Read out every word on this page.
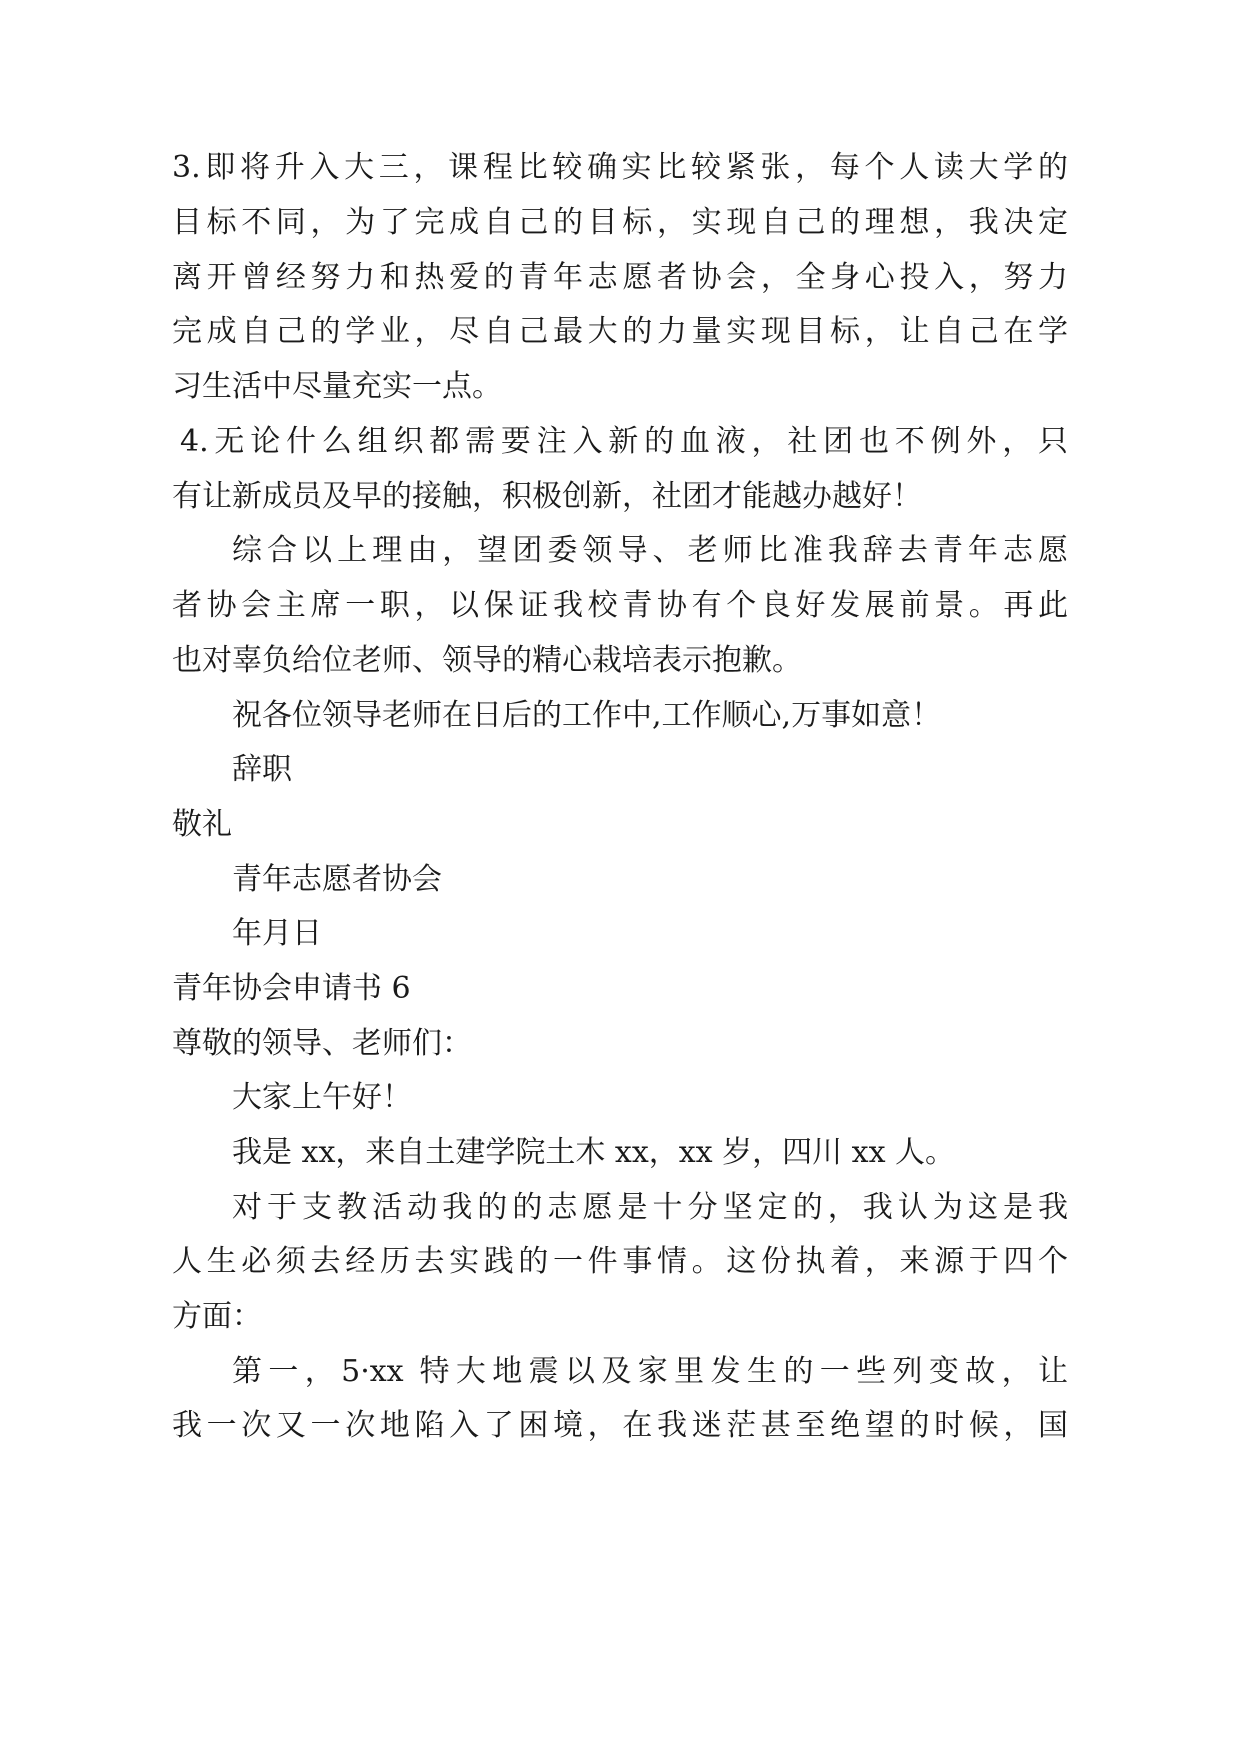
3.即将升入大三，课程比较确实比较紧张，每个人读大学的
目标不同，为了完成自己的目标，实现自己的理想，我决定
离开曾经努力和热爱的青年志愿者协会，全身心投入，努力
完成自己的学业，尽自己最大的力量实现目标，让自己在学
习生活中尽量充实一点。
4.无论什么组织都需要注入新的血液，社团也不例外，只
有让新成员及早的接触，积极创新，社团才能越办越好！
综合以上理由，望团委领导、老师比准我辞去青年志愿
者协会主席一职，以保证我校青协有个良好发展前景。再此
也对辜负给位老师、领导的精心栽培表示抱歉。
祝各位领导老师在日后的工作中,工作顺心,万事如意！
辞职
敬礼
青年志愿者协会
年月日
青年协会申请书 6
尊敬的领导、老师们：
大家上午好！
我是 xx，来自土建学院土木 xx，xx 岁，四川 xx 人。
对于支教活动我的的志愿是十分坚定的，我认为这是我
人生必须去经历去实践的一件事情。这份执着，来源于四个
方面：
第一，5·xx 特大地震以及家里发生的一些列变故，让
我一次又一次地陷入了困境，在我迷茫甚至绝望的时候，国
